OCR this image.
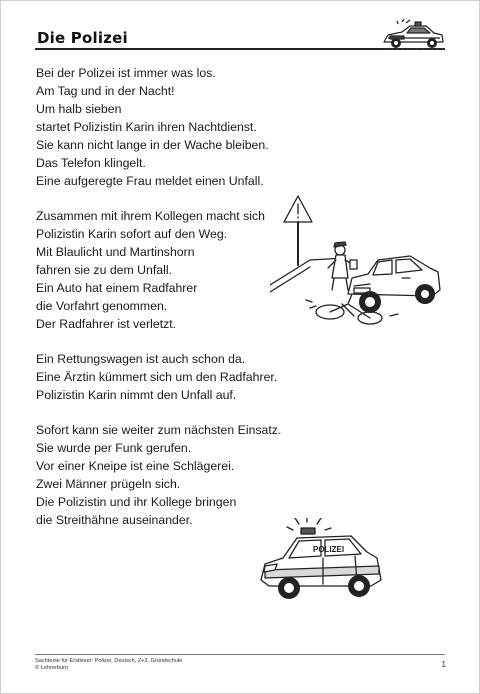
Die Polizei

Bei der Polizei ist immer was los.

Am Tag und in der Nacht!

Um halb sieben

startet Polizistin Karin ihren Nachtdienst.

Sie kann nicht lange in der Wache bleiben.

Das Telefon klingelt.

Eine aufgeregte Frau meldet einen Unfall.

Zusammen mit ihrem Kollegen macht sich

Polizistin Karin sofort auf den Weg.

Mit Blaulicht und Martinshorn

fahren sie zu dem Unfall.

Ein Auto hat einem Radfahrer

die Vorfahrt genommen.

Der Radfahrer ist verletzt.

Ein Rettungswagen ist auch schon da.

Eine Ärztin kümmert sich um den Radfahrer.

Polizistin Karin nimmt den Unfall auf.

Sofort kann sie weiter zum nächsten Einsatz.

Sie wurde per Funk gerufen.

Vor einer Kneipe ist eine Schlägerei.

Zwei Männer prügeln sich.

Die Polizistin und ihr Kollege bringen

die Streithähne auseinander.

POLIZEI

Sachtexte für Erstleser: Polizei, Deutsch, 2+3, Grundschule

© Lehrerbüro	1
